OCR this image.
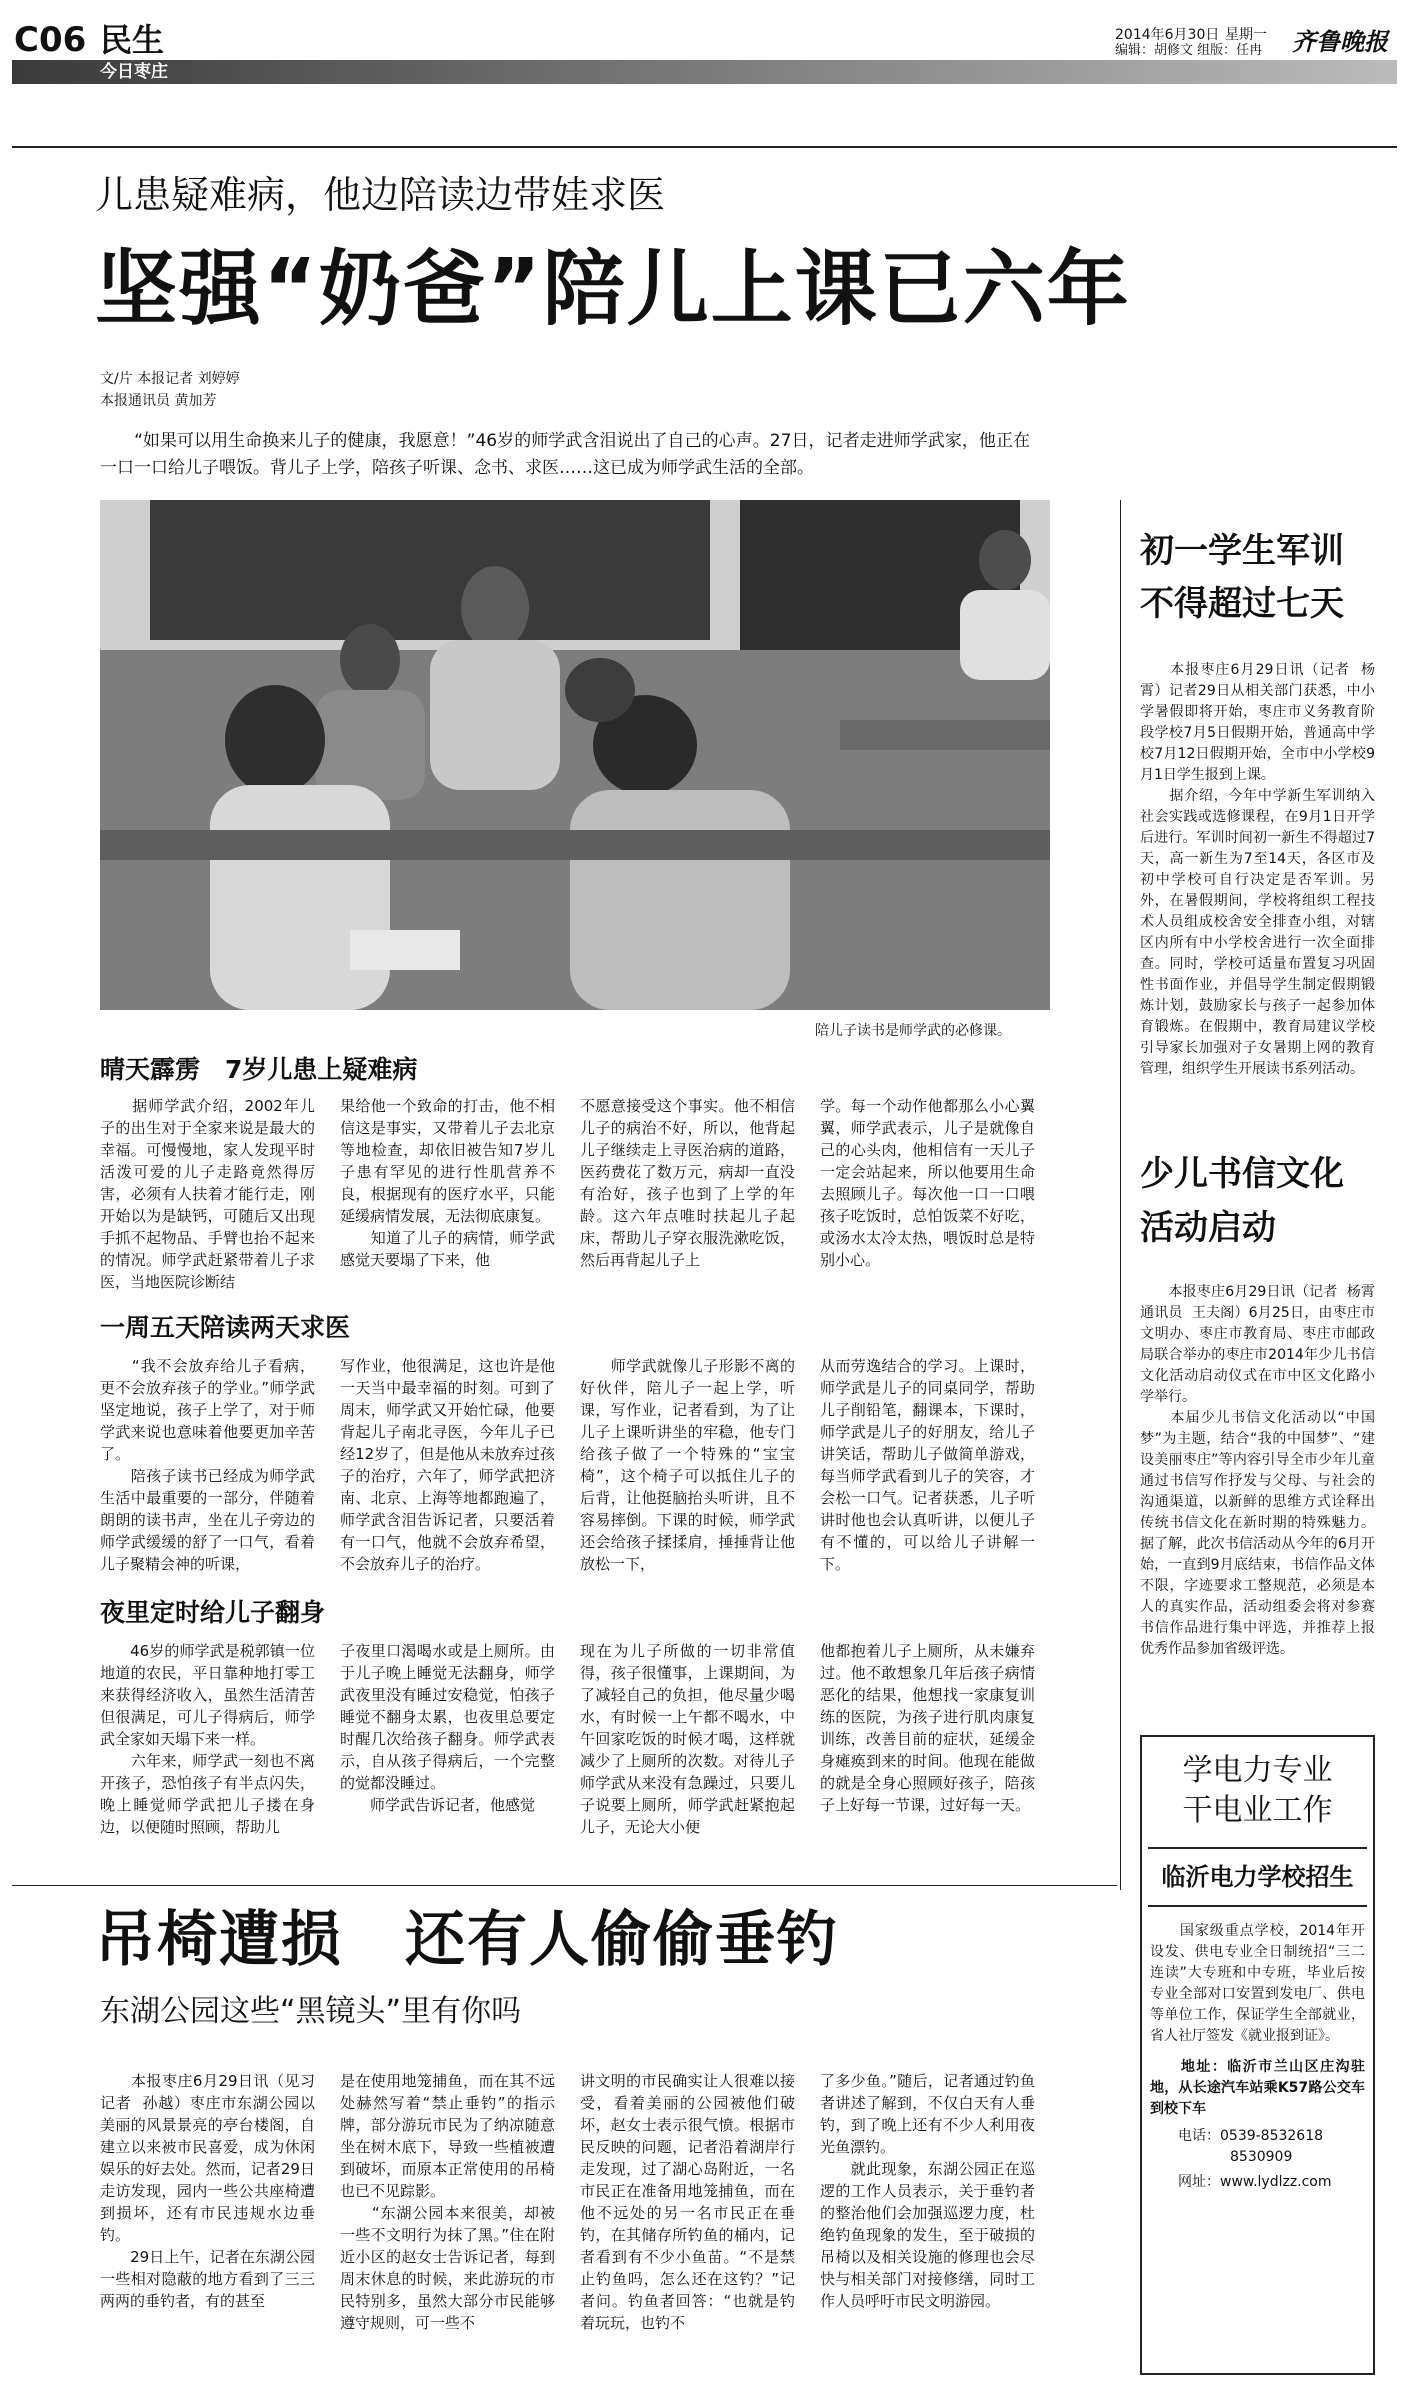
C06 民生
今日枣庄
2014年6月30日 星期一
编辑：胡修文 组版：任冉 齐鲁晚报
儿患疑难病，他边陪读边带娃求医
坚强“奶爸”陪儿上课已六年
文/片 本报记者 刘婷婷
本报通讯员 黄加芳
　　“如果可以用生命换来儿子的健康，我愿意！”46岁的师学武含泪说出了自己的心声。27日，记者走进师学武家，他正在一口一口给儿子喂饭。背儿子上学，陪孩子听课、念书、求医……这已成为师学武生活的全部。
陪儿子读书是师学武的必修课。
晴天霹雳　7岁儿患上疑难病
　　据师学武介绍，2002年儿子的出生对于全家来说是最大的幸福。可慢慢地，家人发现平时活泼可爱的儿子走路竟然得厉害，必须有人扶着才能行走，刚开始以为是缺钙，可随后又出现手抓不起物品、手臂也抬不起来的情况。师学武赶紧带着儿子求医，当地医院诊断结
果给他一个致命的打击，他不相信这是事实，又带着儿子去北京等地检查，却依旧被告知7岁儿子患有罕见的进行性肌营养不良，根据现有的医疗水平，只能延缓病情发展，无法彻底康复。
　　知道了儿子的病情，师学武感觉天要塌了下来，他
不愿意接受这个事实。他不相信儿子的病治不好，所以，他背起儿子继续走上寻医治病的道路，医药费花了数万元，病却一直没有治好，孩子也到了上学的年龄。这六年点唯时扶起儿子起床，帮助儿子穿衣服洗漱吃饭，然后再背起儿子上
学。每一个动作他都那么小心翼翼，师学武表示，儿子是就像自己的心头肉，他相信有一天儿子一定会站起来，所以他要用生命去照顾儿子。每次他一口一口喂孩子吃饭时，总怕饭菜不好吃，或汤水太冷太热，喂饭时总是特别小心。
一周五天陪读两天求医
　　“我不会放弃给儿子看病，更不会放弃孩子的学业。”师学武坚定地说，孩子上学了，对于师学武来说也意味着他要更加辛苦了。
　　陪孩子读书已经成为师学武生活中最重要的一部分，伴随着朗朗的读书声，坐在儿子旁边的师学武缓缓的舒了一口气，看着儿子聚精会神的听课，
写作业，他很满足，这也许是他一天当中最幸福的时刻。可到了周末，师学武又开始忙碌，他要背起儿子南北寻医，今年儿子已经12岁了，但是他从未放弃过孩子的治疗，六年了，师学武把济南、北京、上海等地都跑遍了，师学武含泪告诉记者，只要活着有一口气，他就不会放弃希望，不会放弃儿子的治疗。
　　师学武就像儿子形影不离的好伙伴，陪儿子一起上学，听课，写作业，记者看到，为了让儿子上课听讲坐的牢稳，他专门给孩子做了一个特殊的“宝宝椅”，这个椅子可以抵住儿子的后背，让他挺脑抬头听讲，且不容易摔倒。下课的时候，师学武还会给孩子揉揉肩，捶捶背让他放松一下，
从而劳逸结合的学习。上课时，师学武是儿子的同桌同学，帮助儿子削铅笔，翻课本，下课时，师学武是儿子的好朋友，给儿子讲笑话，帮助儿子做简单游戏，每当师学武看到儿子的笑容，才会松一口气。记者获悉，儿子听讲时他也会认真听讲，以便儿子有不懂的，可以给儿子讲解一下。
夜里定时给儿子翻身
　　46岁的师学武是税郭镇一位地道的农民，平日靠种地打零工来获得经济收入，虽然生活清苦但很满足，可儿子得病后，师学武全家如天塌下来一样。
　　六年来，师学武一刻也不离开孩子，恐怕孩子有半点闪失，晚上睡觉师学武把儿子搂在身边，以便随时照顾，帮助儿
子夜里口渴喝水或是上厕所。由于儿子晚上睡觉无法翻身，师学武夜里没有睡过安稳觉，怕孩子睡觉不翻身太累，也夜里总要定时醒几次给孩子翻身。师学武表示，自从孩子得病后，一个完整的觉都没睡过。
　　师学武告诉记者，他感觉
现在为儿子所做的一切非常值得，孩子很懂事，上课期间，为了减轻自己的负担，他尽量少喝水，有时候一上午都不喝水，中午回家吃饭的时候才喝，这样就减少了上厕所的次数。对待儿子师学武从来没有急躁过，只要儿子说要上厕所，师学武赶紧抱起儿子，无论大小便
他都抱着儿子上厕所，从未嫌弃过。他不敢想象几年后孩子病情恶化的结果，他想找一家康复训练的医院，为孩子进行肌肉康复训练，改善目前的症状，延缓金身瘫痪到来的时间。他现在能做的就是全身心照顾好孩子，陪孩子上好每一节课，过好每一天。
初一学生军训
不得超过七天
　　本报枣庄6月29日讯（记者  杨霄）记者29日从相关部门获悉，中小学暑假即将开始，枣庄市义务教育阶段学校7月5日假期开始，普通高中学校7月12日假期开始，全市中小学校9月1日学生报到上课。
　　据介绍，今年中学新生军训纳入社会实践或选修课程，在9月1日开学后进行。军训时间初一新生不得超过7天，高一新生为7至14天，各区市及初中学校可自行决定是否军训。另外，在暑假期间，学校将组织工程技术人员组成校舍安全排查小组，对辖区内所有中小学校舍进行一次全面排查。同时，学校可适量布置复习巩固性书面作业，并倡导学生制定假期锻炼计划，鼓励家长与孩子一起参加体育锻炼。在假期中，教育局建议学校引导家长加强对子女暑期上网的教育管理，组织学生开展读书系列活动。
少儿书信文化
活动启动
　　本报枣庄6月29日讯（记者  杨霄  通讯员  王夫阁）6月25日，由枣庄市文明办、枣庄市教育局、枣庄市邮政局联合举办的枣庄市2014年少儿书信文化活动启动仪式在市中区文化路小学举行。
　　本届少儿书信文化活动以“中国梦”为主题，结合“我的中国梦”、“建设美丽枣庄”等内容引导全市少年儿童通过书信写作抒发与父母、与社会的沟通渠道，以新鲜的思维方式诠释出传统书信文化在新时期的特殊魅力。据了解，此次书信活动从今年的6月开始，一直到9月底结束，书信作品文体不限，字迹要求工整规范，必须是本人的真实作品，活动组委会将对参赛书信作品进行集中评选，并推荐上报优秀作品参加省级评选。
学电力专业
干电业工作
临沂电力学校招生
　　国家级重点学校，2014年开设发、供电专业全日制统招“三二连读”大专班和中专班，毕业后按专业全部对口安置到发电厂、供电等单位工作，保证学生全部就业，省人社厅签发《就业报到证》。
　　地址：临沂市兰山区庄沟驻地，从长途汽车站乘K57路公交车到校下车
　　电话：0539-8532618
8530909
　　网址：www.lydlzz.com
吊椅遭损　还有人偷偷垂钓
东湖公园这些“黑镜头”里有你吗
　　本报枣庄6月29日讯（见习记者  孙越）枣庄市东湖公园以美丽的风景景亮的亭台楼阁，自建立以来被市民喜爱，成为休闲娱乐的好去处。然而，记者29日走访发现，园内一些公共座椅遭到损坏，还有市民违规水边垂钓。
　　29日上午，记者在东湖公园一些相对隐蔽的地方看到了三三两两的垂钓者，有的甚至
是在使用地笼捕鱼，而在其不远处赫然写着“禁止垂钓”的指示牌，部分游玩市民为了纳凉随意坐在树木底下，导致一些植被遭到破坏，而原本正常使用的吊椅也已不见踪影。
　　“东湖公园本来很美，却被一些不文明行为抹了黑。”住在附近小区的赵女士告诉记者，每到周末休息的时候，来此游玩的市民特别多，虽然大部分市民能够遵守规则，可一些不
讲文明的市民确实让人很难以接受，看着美丽的公园被他们破坏，赵女士表示很气愤。根据市民反映的问题，记者沿着湖岸行走发现，过了湖心岛附近，一名市民正在准备用地笼捕鱼，而在他不远处的另一名市民正在垂钓，在其储存所钓鱼的桶内，记者看到有不少小鱼苗。“不是禁止钓鱼吗，怎么还在这钓？”记者问。钓鱼者回答：“也就是钓着玩玩，也钓不
了多少鱼。”随后，记者通过钓鱼者讲述了解到，不仅白天有人垂钓，到了晚上还有不少人利用夜光鱼漂钓。
　　就此现象，东湖公园正在巡逻的工作人员表示，关于垂钓者的整治他们会加强巡逻力度，杜绝钓鱼现象的发生，至于破损的吊椅以及相关设施的修理也会尽快与相关部门对接修缮，同时工作人员呼吁市民文明游园。
